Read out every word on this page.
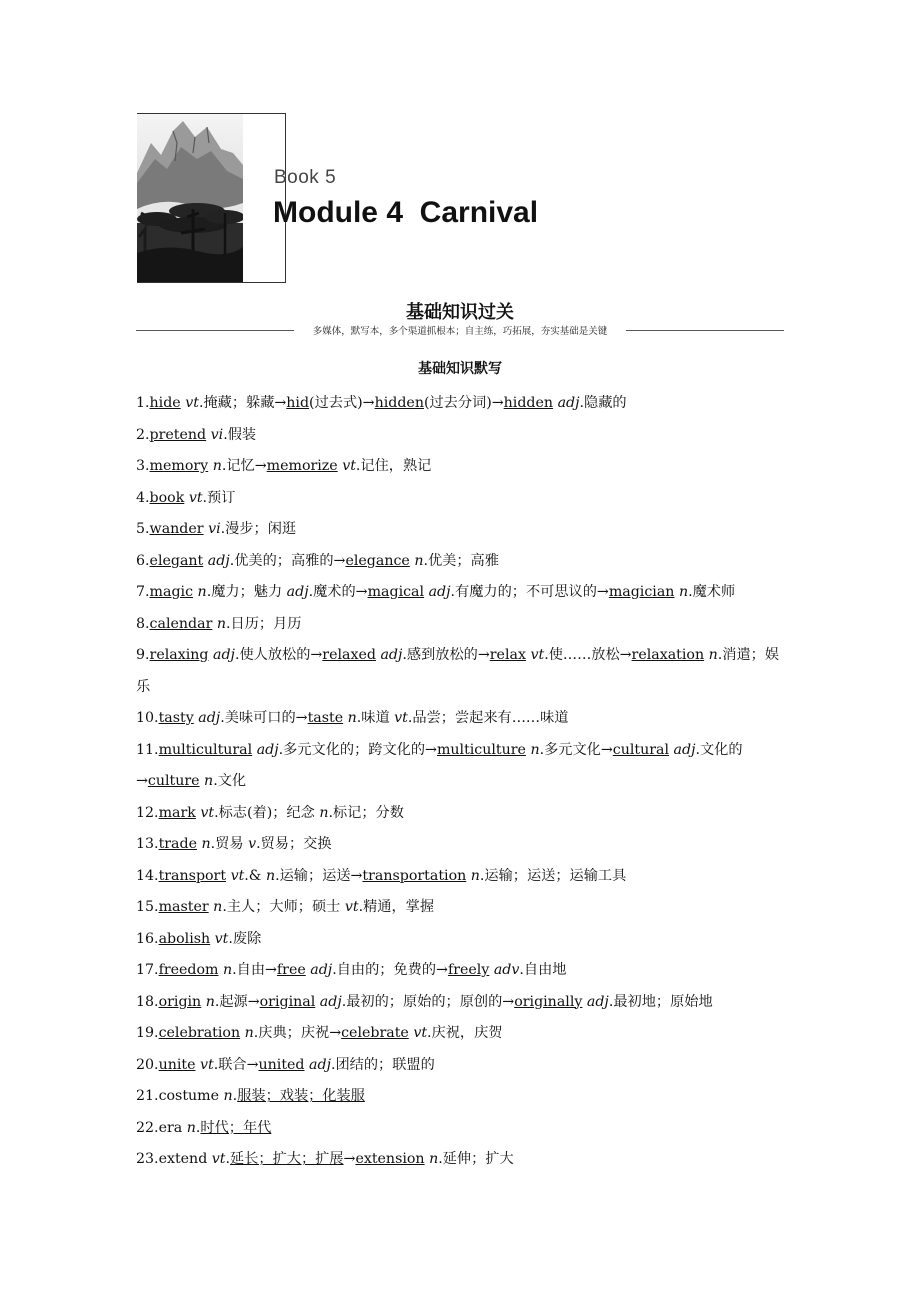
Book 5
Module 4  Carnival
基础知识过关
多媒体，默写本，多个渠道抓根本；自主练，巧拓展，夯实基础是关键
基础知识默写
1.hide vt.掩藏；躲藏→hid(过去式)→hidden(过去分词)→hidden adj.隐藏的
2.pretend vi.假装
3.memory n.记忆→memorize vt.记住，熟记
4.book vt.预订
5.wander vi.漫步；闲逛
6.elegant adj.优美的；高雅的→elegance n.优美；高雅
7.magic n.魔力；魅力 adj.魔术的→magical adj.有魔力的；不可思议的→magician n.魔术师
8.calendar n.日历；月历
9.relaxing adj.使人放松的→relaxed adj.感到放松的→relax vt.使……放松→relaxation n.消遣；娱乐
10.tasty adj.美味可口的→taste n.味道 vt.品尝；尝起来有……味道
11.multicultural adj.多元文化的；跨文化的→multiculture n.多元文化→cultural adj.文化的→culture n.文化
12.mark vt.标志(着)；纪念 n.标记；分数
13.trade n.贸易 v.贸易；交换
14.transport vt.& n.运输；运送→transportation n.运输；运送；运输工具
15.master n.主人；大师；硕士 vt.精通，掌握
16.abolish vt.废除
17.freedom n.自由→free adj.自由的；免费的→freely adv.自由地
18.origin n.起源→original adj.最初的；原始的；原创的→originally adj.最初地；原始地
19.celebration n.庆典；庆祝→celebrate vt.庆祝，庆贺
20.unite vt.联合→united adj.团结的；联盟的
21.costume n.服装；戏装；化装服
22.era n.时代；年代
23.extend vt.延长；扩大；扩展→extension n.延伸；扩大
